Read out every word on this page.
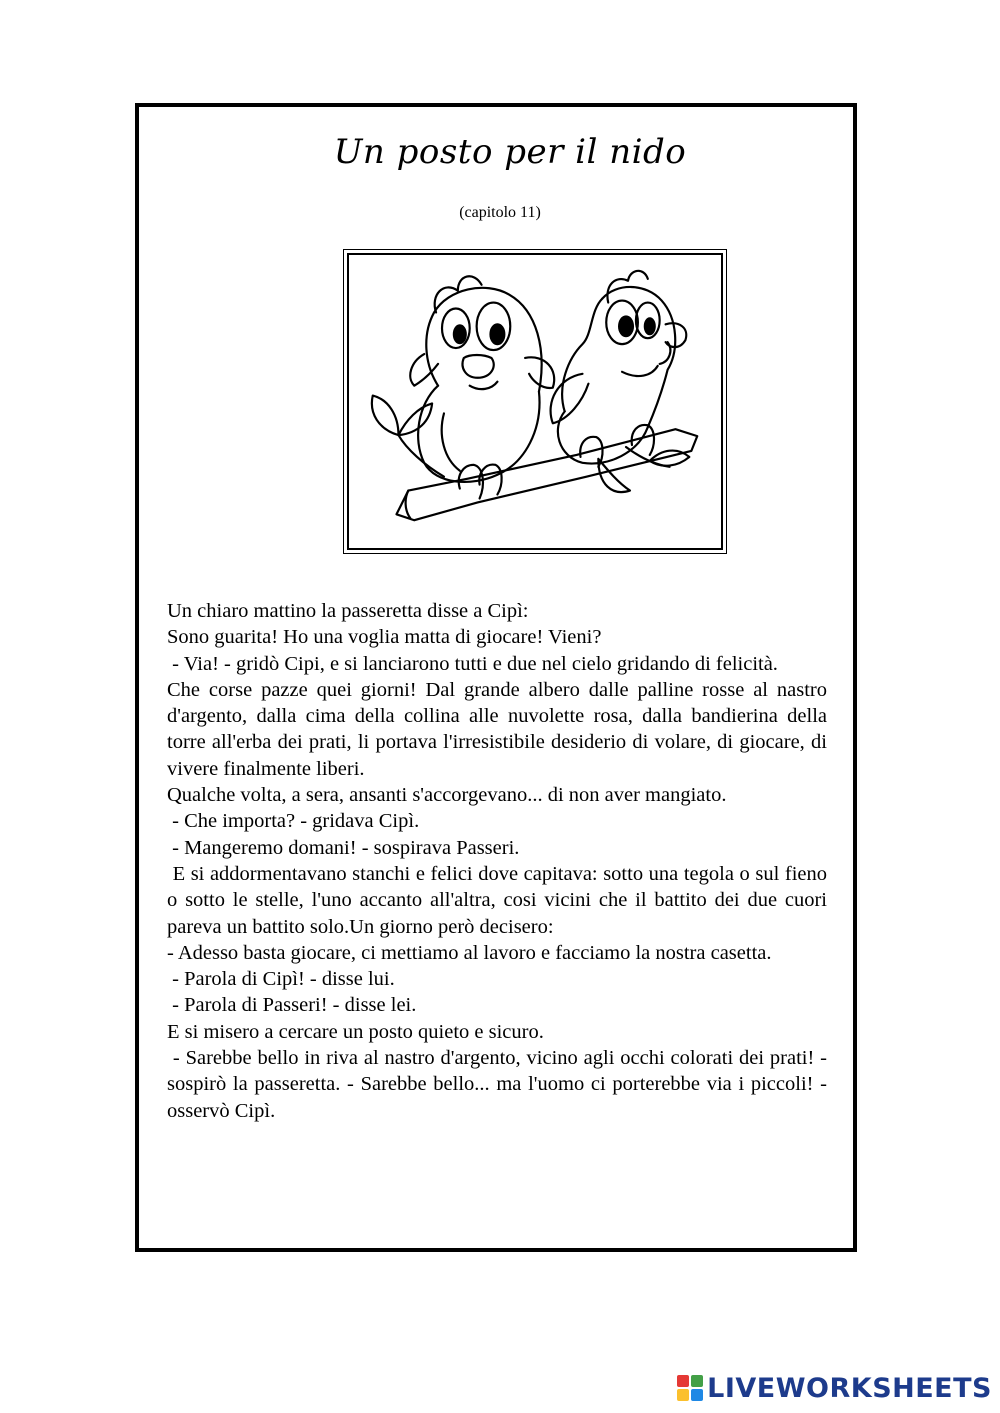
Un posto per il nido
(capitolo 11)

Un chiaro mattino la passeretta disse a Cipì:

Sono guarita! Ho una voglia matta di giocare! Vieni?

- Via! - gridò Cipi, e si lanciarono tutti e due nel cielo gridando di felicità.

Che corse pazze quei giorni! Dal grande albero dalle palline rosse al nastro d'argento, dalla cima della collina alle nuvolette rosa, dalla bandierina della torre all'erba dei prati, li portava l'irresistibile desiderio di volare, di giocare, di vivere finalmente liberi.

Qualche volta, a sera, ansanti s'accorgevano... di non aver mangiato.

- Che importa? - gridava Cipì.

- Mangeremo domani! - sospirava Passeri.

E si addormentavano stanchi e felici dove capitava: sotto una tegola o sul fieno o sotto le stelle, l'uno accanto all'altra, cosi vicini che il battito dei due cuori pareva un battito solo.Un giorno però decisero:

- Adesso basta giocare, ci mettiamo al lavoro e facciamo la nostra casetta.

- Parola di Cipì! - disse lui.

- Parola di Passeri! - disse lei.

E si misero a cercare un posto quieto e sicuro.

- Sarebbe bello in riva al nastro d'argento, vicino agli occhi colorati dei prati! - sospirò la passeretta. - Sarebbe bello... ma l'uomo ci porterebbe via i piccoli! -  osservò Cipì.

LIVEWORKSHEETS
